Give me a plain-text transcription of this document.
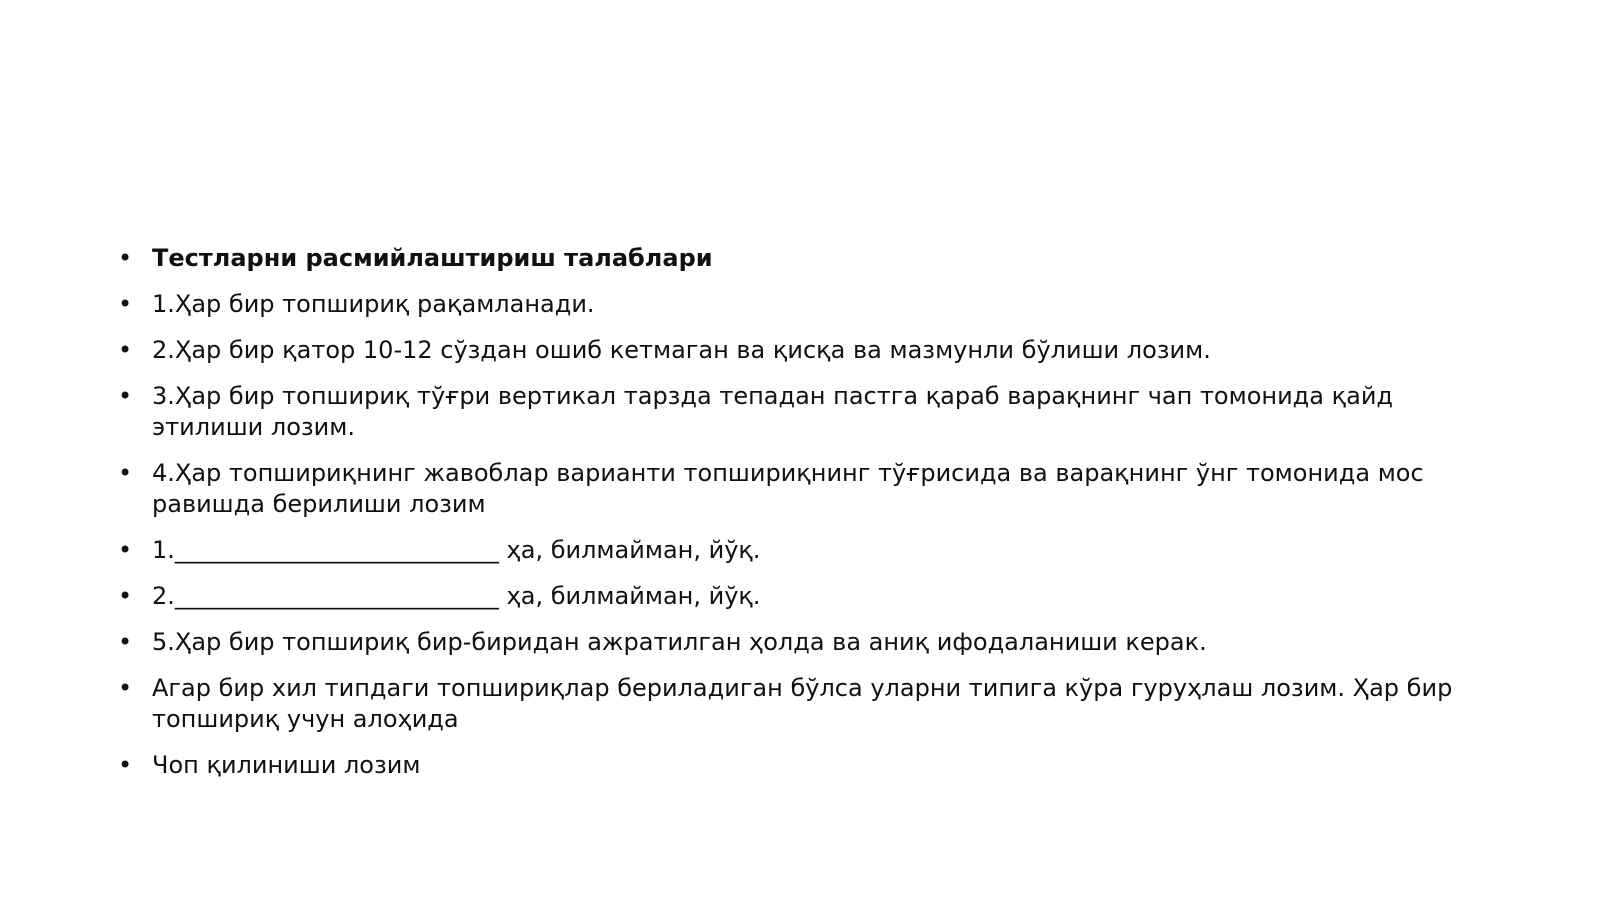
• Тестларни расмийлаштириш талаблари
• 1.Ҳар бир топшириқ рақамланади.
• 2.Ҳар бир қатор 10-12 сўздан ошиб кетмаган ва қисқа ва мазмунли бўлиши лозим.
• 3.Ҳар бир топшириқ тўғри вертикал тарзда тепадан пастга қараб варақнинг чап томонида қайд этилиши лозим.
• 4.Ҳар топшириқнинг жавоблар варианти топшириқнинг тўғрисида ва варақнинг ўнг томонида мос равишда берилиши лозим
• 1.___________________________ ҳа, билмайман, йўқ.
• 2.___________________________ ҳа, билмайман, йўқ.
• 5.Ҳар бир топшириқ бир-биридан ажратилган ҳолда ва аниқ ифодаланиши керак.
• Агар бир хил типдаги топшириқлар бериладиган бўлса уларни типига кўра гуруҳлаш лозим. Ҳар бир топшириқ учун алоҳида
• Чоп қилиниши лозим
